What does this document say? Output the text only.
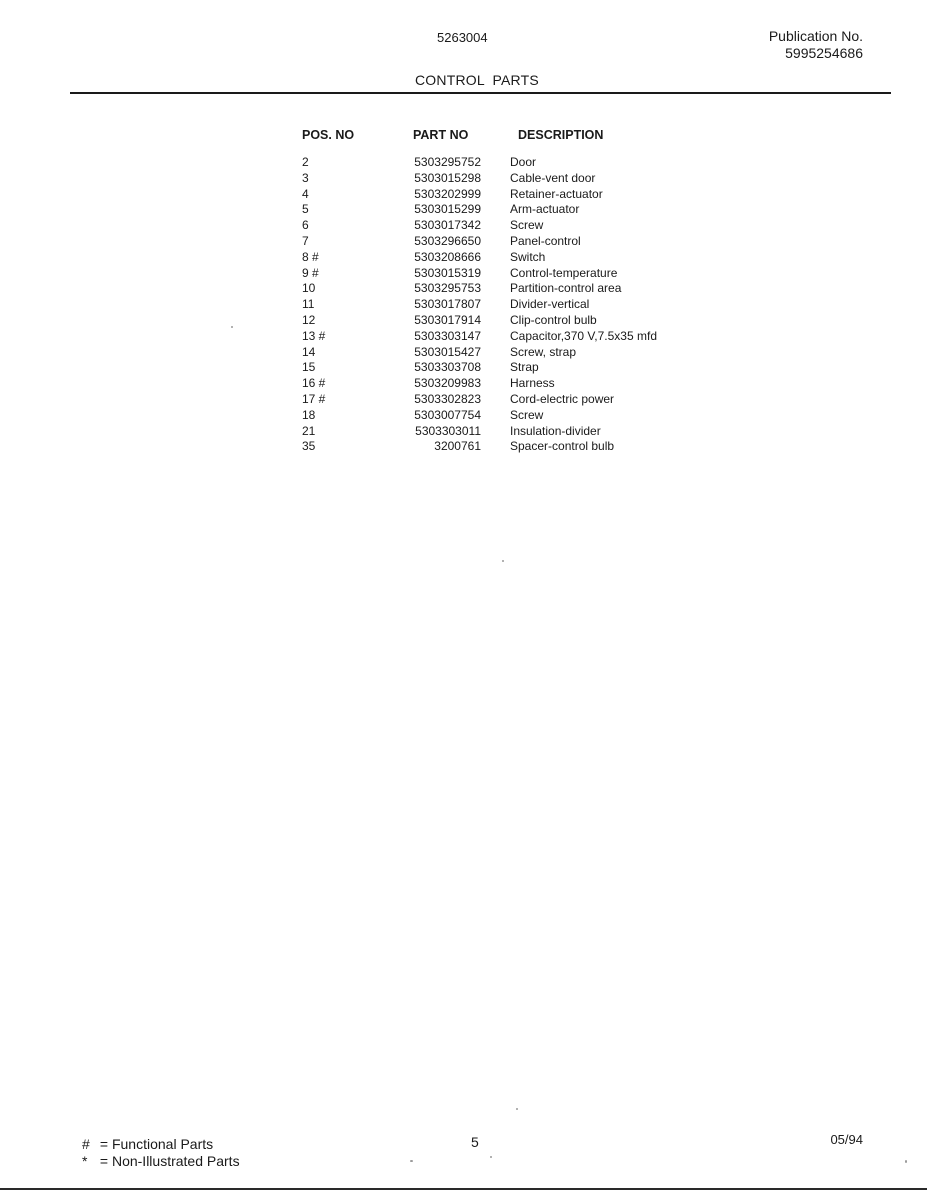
5263004	Publication No.
5995254686
CONTROL  PARTS
POS. NO	PART NO	DESCRIPTION
2	5303295752	Door
3	5303015298	Cable-vent door
4	5303202999	Retainer-actuator
5	5303015299	Arm-actuator
6	5303017342	Screw
7	5303296650	Panel-control
8 #	5303208666	Switch
9 #	5303015319	Control-temperature
10	5303295753	Partition-control area
11	5303017807	Divider-vertical
12	5303017914	Clip-control bulb
13 #	5303303147	Capacitor,370 V,7.5x35 mfd
14	5303015427	Screw, strap
15	5303303708	Strap
16 #	5303209983	Harness
17 #	5303302823	Cord-electric power
18	5303007754	Screw
21	5303303011	Insulation-divider
35	3200761	Spacer-control bulb
# = Functional Parts
* = Non-Illustrated Parts
5	05/94
